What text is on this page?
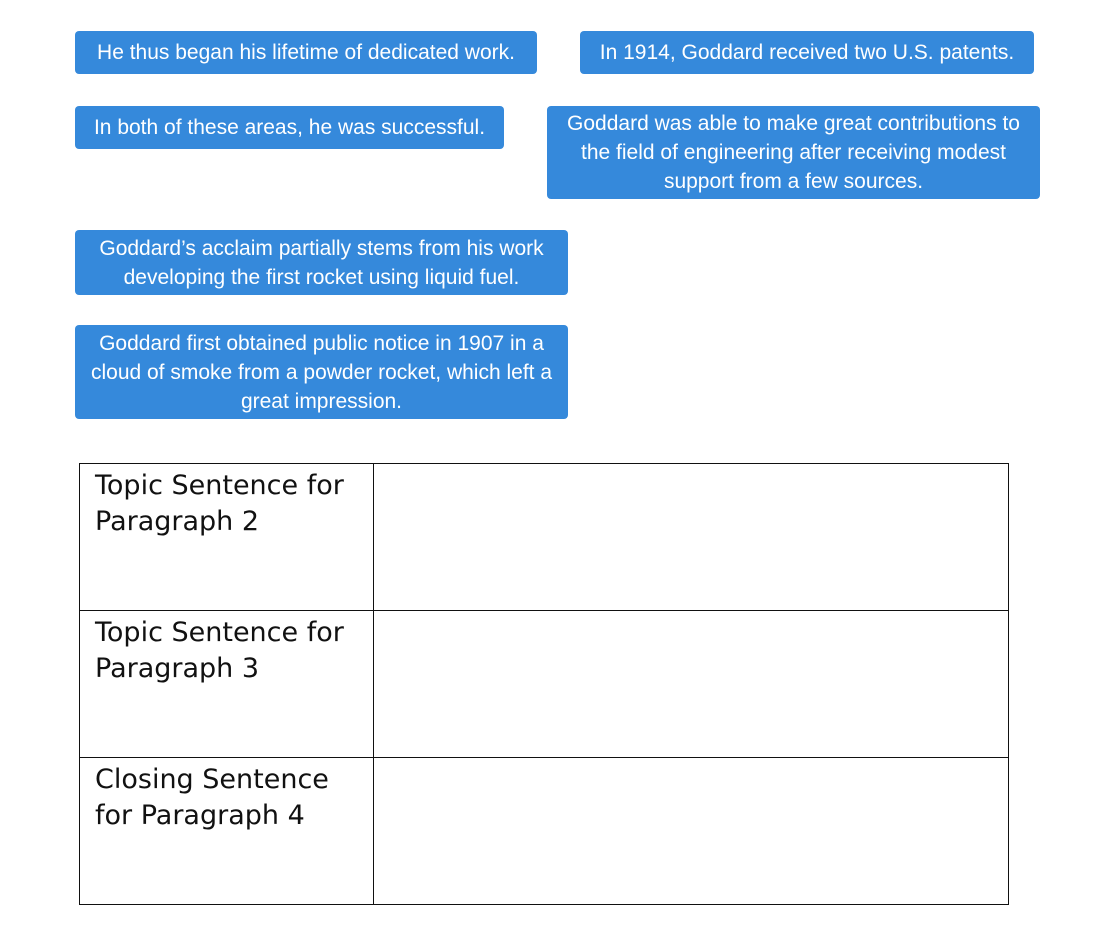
He thus began his lifetime of dedicated work.	In 1914, Goddard received two U.S. patents.
In both of these areas, he was successful.	Goddard was able to make great contributions to the field of engineering after receiving modest support from a few sources.
Goddard’s acclaim partially stems from his work developing the first rocket using liquid fuel.
Goddard first obtained public notice in 1907 in a cloud of smoke from a powder rocket, which left a great impression.
Topic Sentence for Paragraph 2	

Topic Sentence for Paragraph 3	

Closing Sentence for Paragraph 4	
